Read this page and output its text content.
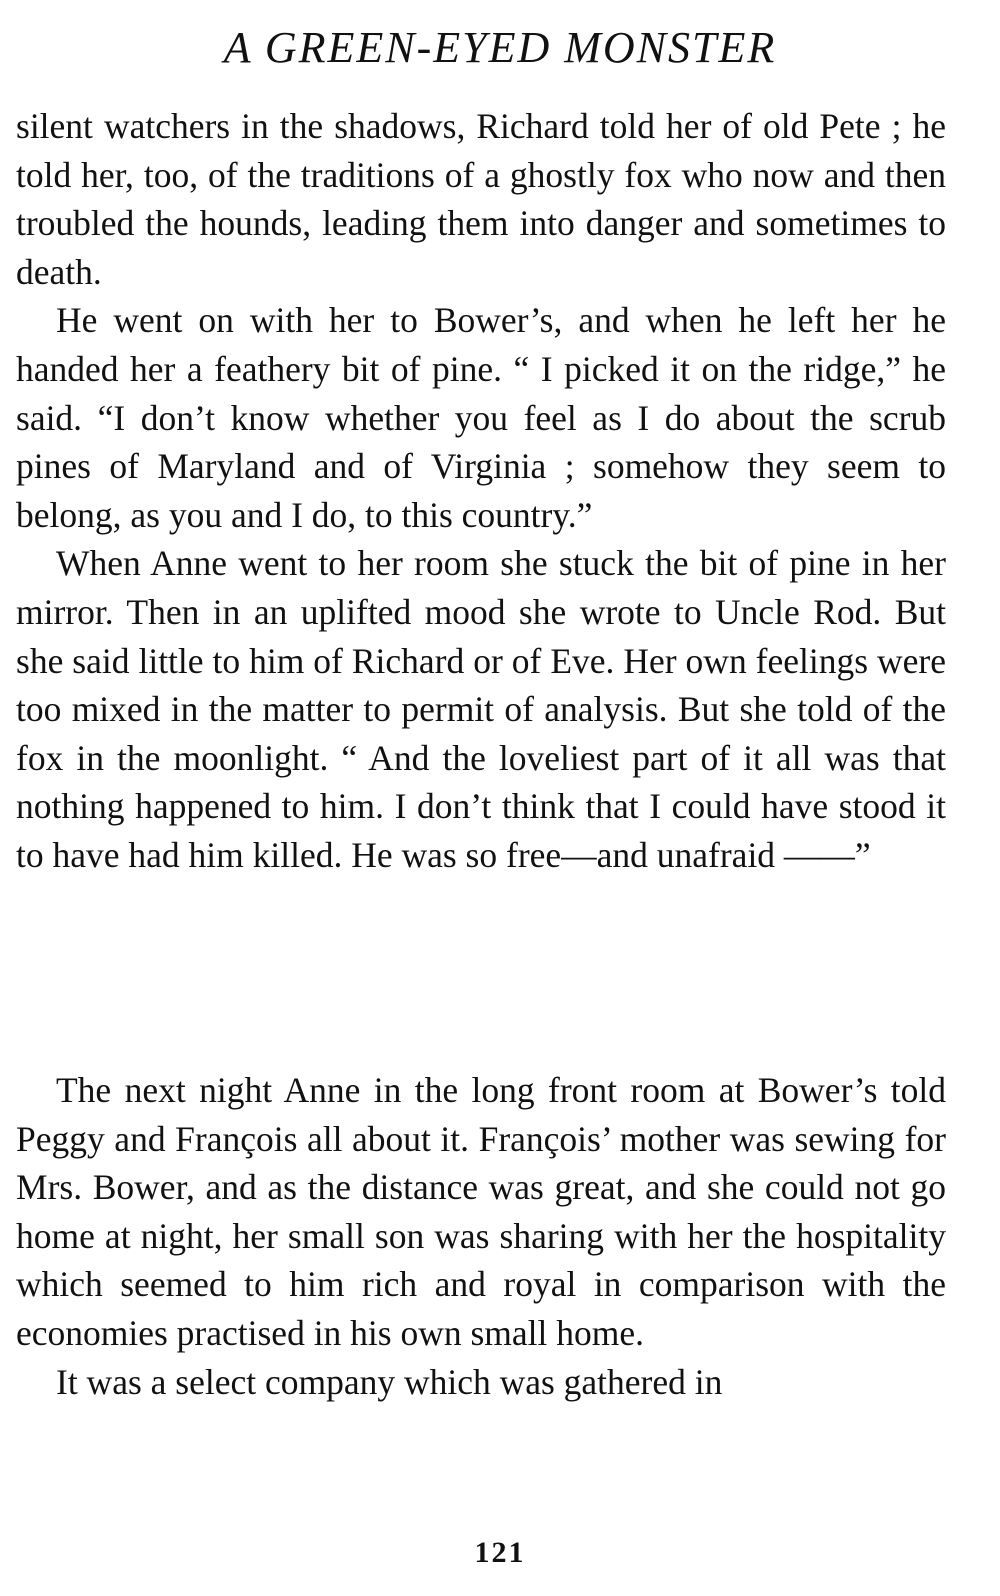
A GREEN-EYED MONSTER

silent watchers in the shadows, Richard told her of old Pete ; he told her, too, of the traditions of a ghostly fox who now and then troubled the hounds, leading them into danger and sometimes to death.

He went on with her to Bower’s, and when he left her he handed her a feathery bit of pine. “ I picked it on the ridge,” he said. “I don’t know whether you feel as I do about the scrub pines of Maryland and of Virginia ; somehow they seem to belong, as you and I do, to this country.”

When Anne went to her room she stuck the bit of pine in her mirror. Then in an uplifted mood she wrote to Uncle Rod. But she said little to him of Richard or of Eve. Her own feelings were too mixed in the matter to permit of analysis. But she told of the fox in the moonlight. “ And the loveliest part of it all was that nothing happened to him. I don’t think that I could have stood it to have had him killed. He was so free—and unafraid ——”

The next night Anne in the long front room at Bower’s told Peggy and François all about it. François’ mother was sewing for Mrs. Bower, and as the distance was great, and she could not go home at night, her small son was sharing with her the hospitality which seemed to him rich and royal in comparison with the economies practised in his own small home.

It was a select company which was gathered in

121
